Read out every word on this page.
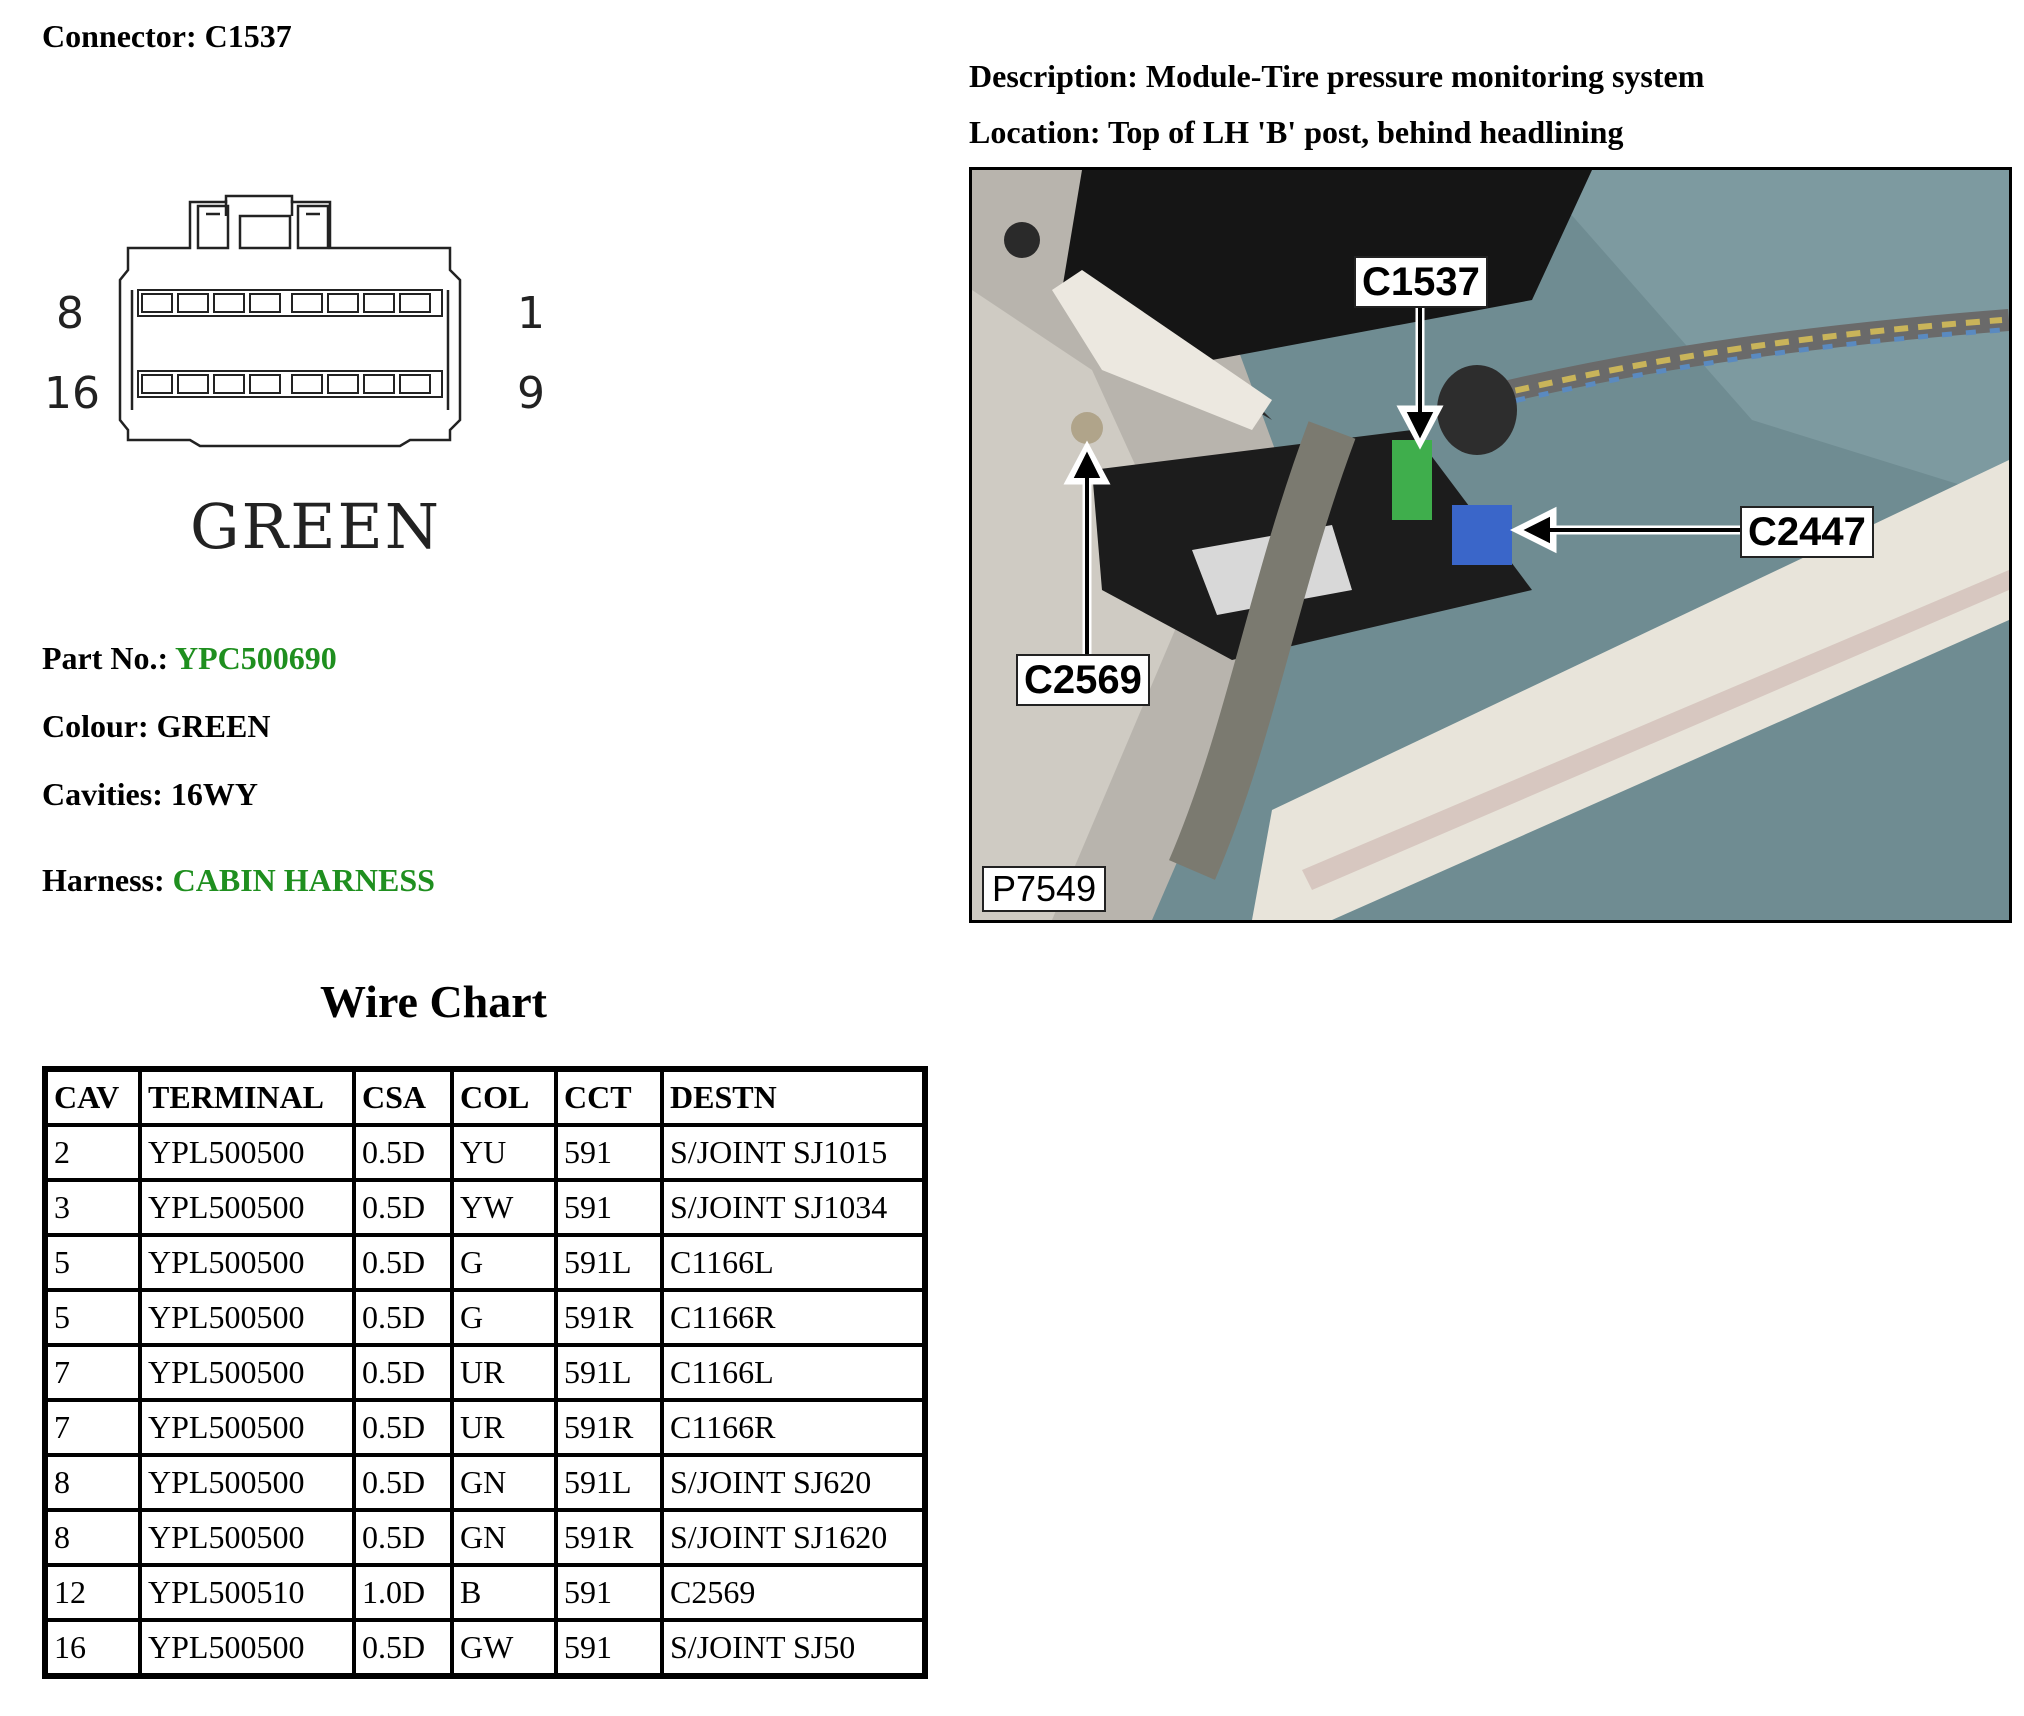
Connector: C1537
8	1
16	9
GREEN
Part No.: YPC500690
Colour: GREEN
Cavities: 16WY
Harness: CABIN HARNESS
Description: Module-Tire pressure monitoring system
Location: Top of LH 'B' post, behind headlining
C1537
C2447
C2569
P7549
Wire Chart
CAV	TERMINAL	CSA	COL	CCT	DESTN
2	YPL500500	0.5D	YU	591	S/JOINT SJ1015
3	YPL500500	0.5D	YW	591	S/JOINT SJ1034
5	YPL500500	0.5D	G	591L	C1166L
5	YPL500500	0.5D	G	591R	C1166R
7	YPL500500	0.5D	UR	591L	C1166L
7	YPL500500	0.5D	UR	591R	C1166R
8	YPL500500	0.5D	GN	591L	S/JOINT SJ620
8	YPL500500	0.5D	GN	591R	S/JOINT SJ1620
12	YPL500510	1.0D	B	591	C2569
16	YPL500500	0.5D	GW	591	S/JOINT SJ50
